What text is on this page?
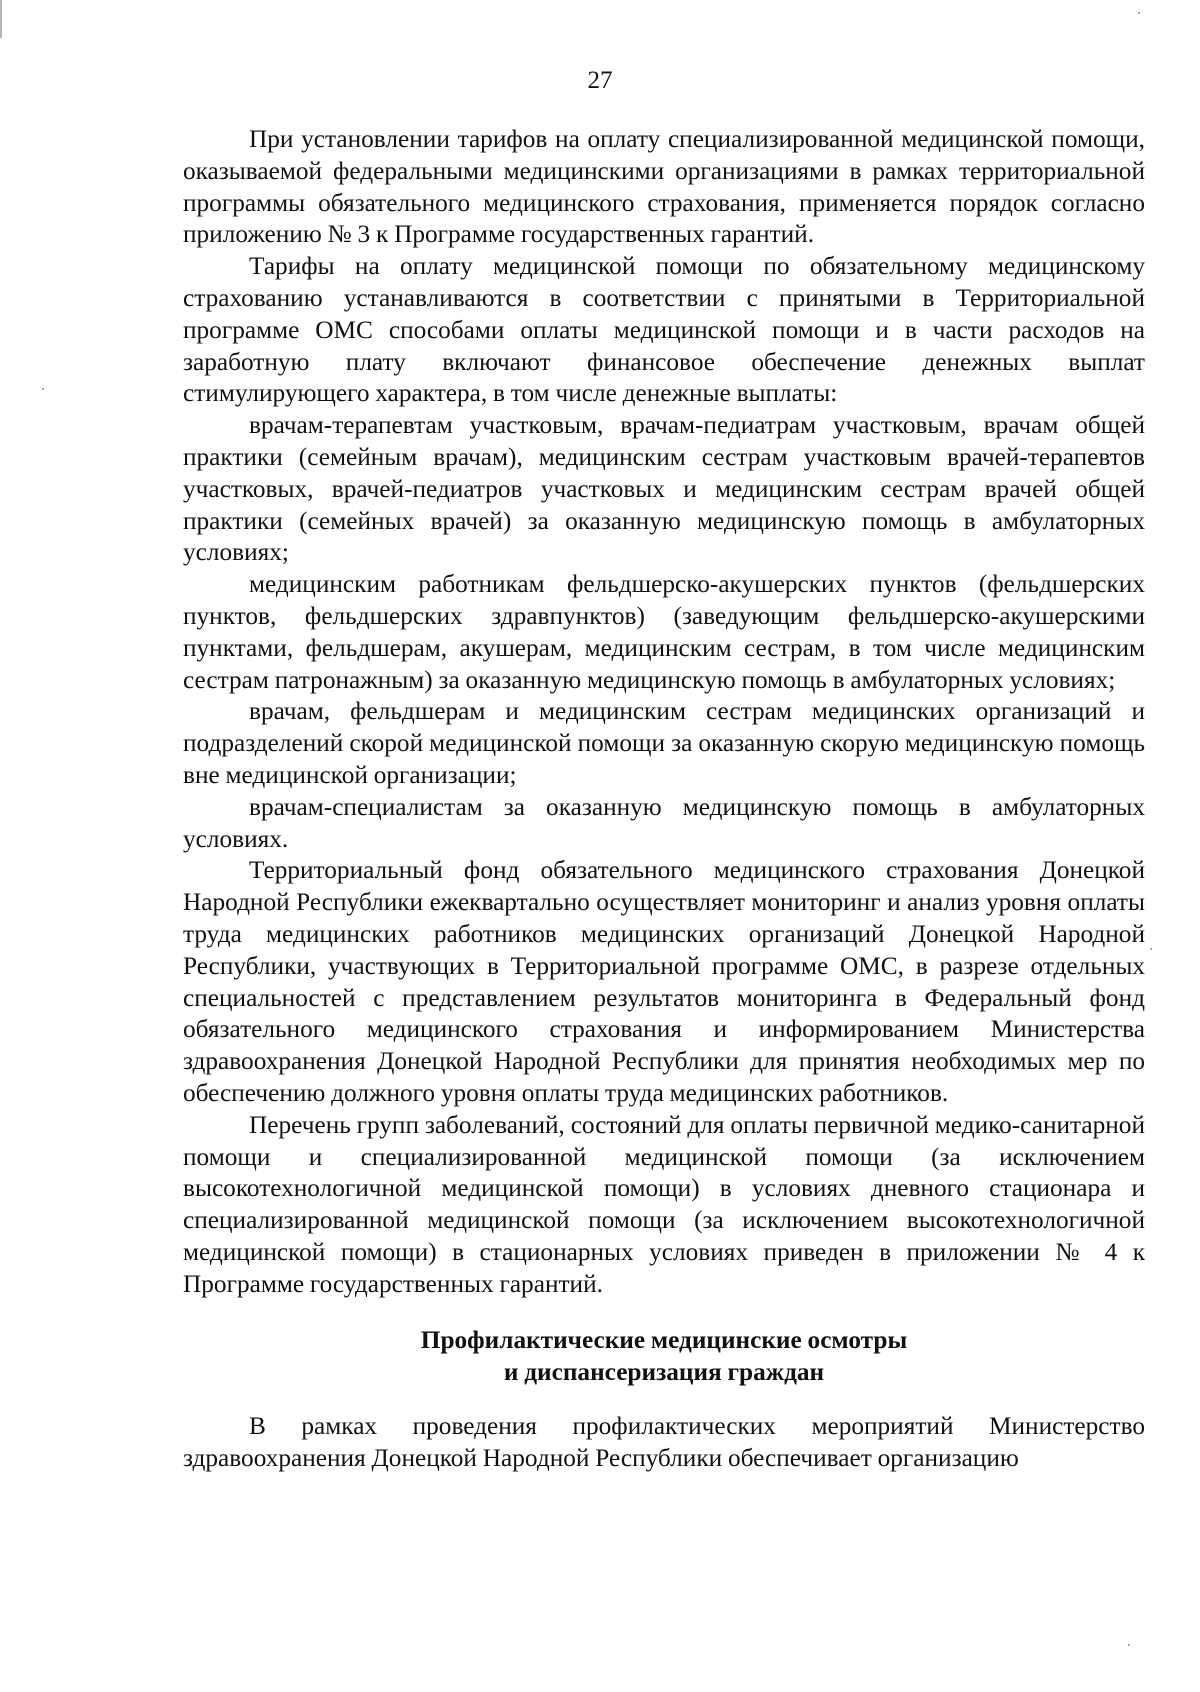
27

При установлении тарифов на оплату специализированной медицинской помощи, оказываемой федеральными медицинскими организациями в рамках территориальной программы обязательного медицинского страхования, применяется порядок согласно приложению № 3 к Программе государственных гарантий.

Тарифы на оплату медицинской помощи по обязательному медицинскому страхованию устанавливаются в соответствии с принятыми в Территориальной программе ОМС способами оплаты медицинской помощи и в части расходов на заработную плату включают финансовое обеспечение денежных выплат стимулирующего характера, в том числе денежные выплаты:

врачам-терапевтам участковым, врачам-педиатрам участковым, врачам общей практики (семейным врачам), медицинским сестрам участковым врачей-терапевтов участковых, врачей-педиатров участковых и медицинским сестрам врачей общей практики (семейных врачей) за оказанную медицинскую помощь в амбулаторных условиях;

медицинским работникам фельдшерско-акушерских пунктов (фельдшерских пунктов, фельдшерских здравпунктов) (заведующим фельдшерско-акушерскими пунктами, фельдшерам, акушерам, медицинским сестрам, в том числе медицинским сестрам патронажным) за оказанную медицинскую помощь в амбулаторных условиях;

врачам, фельдшерам и медицинским сестрам медицинских организаций и подразделений скорой медицинской помощи за оказанную скорую медицинскую помощь вне медицинской организации;

врачам-специалистам за оказанную медицинскую помощь в амбулаторных условиях.

Территориальный фонд обязательного медицинского страхования Донецкой Народной Республики ежеквартально осуществляет мониторинг и анализ уровня оплаты труда медицинских работников медицинских организаций Донецкой Народной Республики, участвующих в Территориальной программе ОМС, в разрезе отдельных специальностей с представлением результатов мониторинга в Федеральный фонд обязательного медицинского страхования и информированием Министерства здравоохранения Донецкой Народной Республики для принятия необходимых мер по обеспечению должного уровня оплаты труда медицинских работников.

Перечень групп заболеваний, состояний для оплаты первичной медико-санитарной помощи и специализированной медицинской помощи (за исключением высокотехнологичной медицинской помощи) в условиях дневного стационара и специализированной медицинской помощи (за исключением высокотехнологичной медицинской помощи) в стационарных условиях приведен в приложении № 4 к Программе государственных гарантий.

Профилактические медицинские осмотры
и диспансеризация граждан

В рамках проведения профилактических мероприятий Министерство здравоохранения Донецкой Народной Республики обеспечивает организацию
